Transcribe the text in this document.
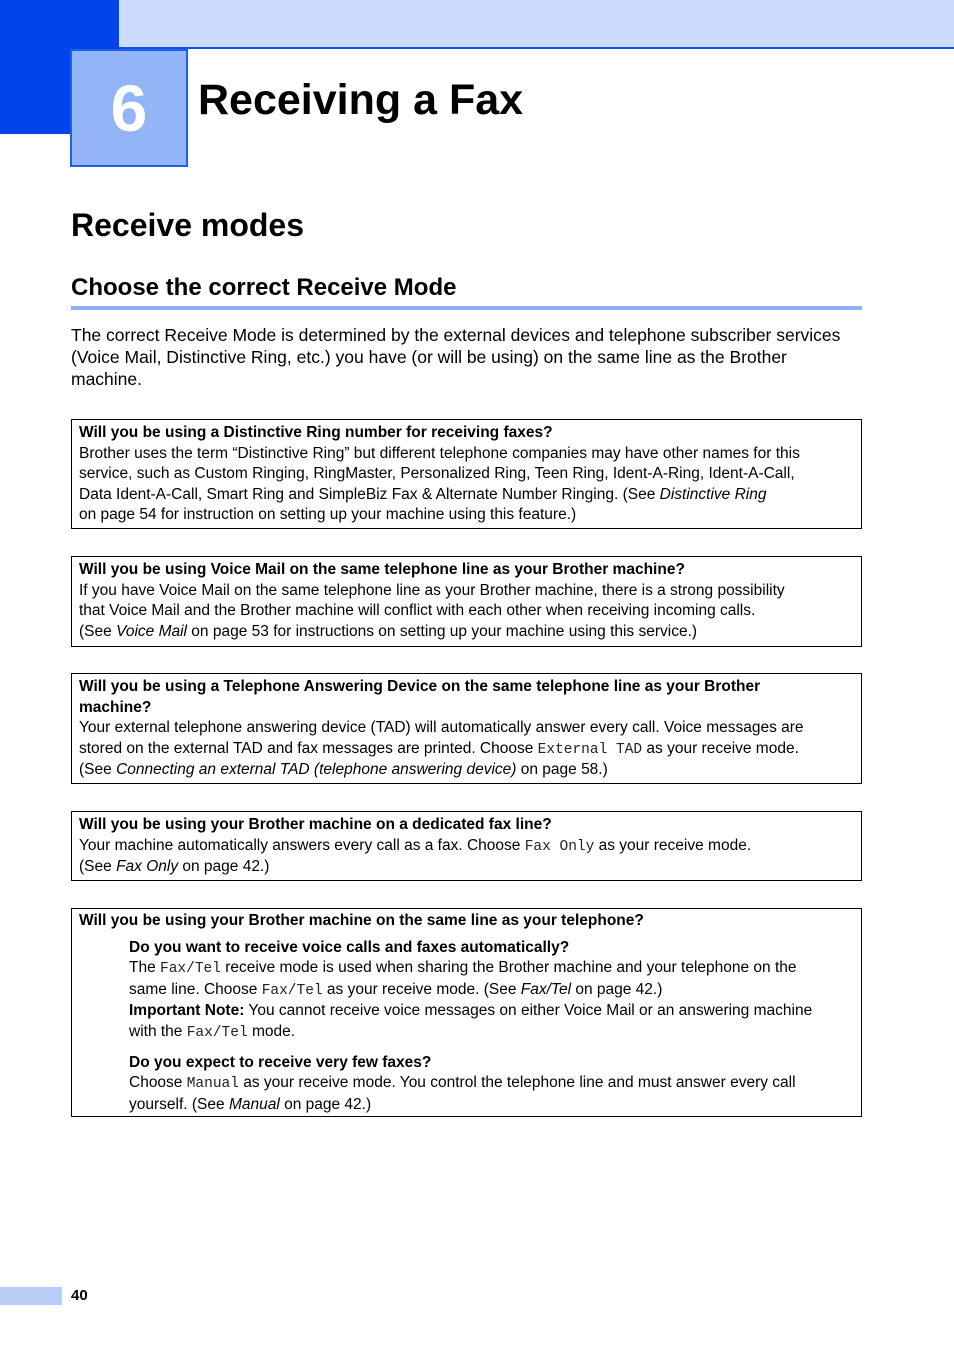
6 Receiving a Fax
Receive modes
Choose the correct Receive Mode

The correct Receive Mode is determined by the external devices and telephone subscriber services (Voice Mail, Distinctive Ring, etc.) you have (or will be using) on the same line as the Brother machine.

Will you be using a Distinctive Ring number for receiving faxes?

Brother uses the term “Distinctive Ring” but different telephone companies may have other names for this

service, such as Custom Ringing, RingMaster, Personalized Ring, Teen Ring, Ident-A-Ring, Ident-A-Call,

Data Ident-A-Call, Smart Ring and SimpleBiz Fax & Alternate Number Ringing. (See Distinctive Ring

on page 54 for instruction on setting up your machine using this feature.)

Will you be using Voice Mail on the same telephone line as your Brother machine?

If you have Voice Mail on the same telephone line as your Brother machine, there is a strong possibility

that Voice Mail and the Brother machine will conflict with each other when receiving incoming calls.

(See Voice Mail on page 53 for instructions on setting up your machine using this service.)

Will you be using a Telephone Answering Device on the same telephone line as your Brother

machine?

Your external telephone answering device (TAD) will automatically answer every call. Voice messages are

stored on the external TAD and fax messages are printed. Choose External TAD as your receive mode.

(See Connecting an external TAD (telephone answering device) on page 58.)

Will you be using your Brother machine on a dedicated fax line?

Your machine automatically answers every call as a fax. Choose Fax Only as your receive mode.

(See Fax Only on page 42.)

Will you be using your Brother machine on the same line as your telephone?

Do you want to receive voice calls and faxes automatically?

The Fax/Tel receive mode is used when sharing the Brother machine and your telephone on the

same line. Choose Fax/Tel as your receive mode. (See Fax/Tel on page 42.)

Important Note: You cannot receive voice messages on either Voice Mail or an answering machine

with the Fax/Tel mode.

Do you expect to receive very few faxes?

Choose Manual as your receive mode. You control the telephone line and must answer every call

yourself. (See Manual on page 42.)

40
